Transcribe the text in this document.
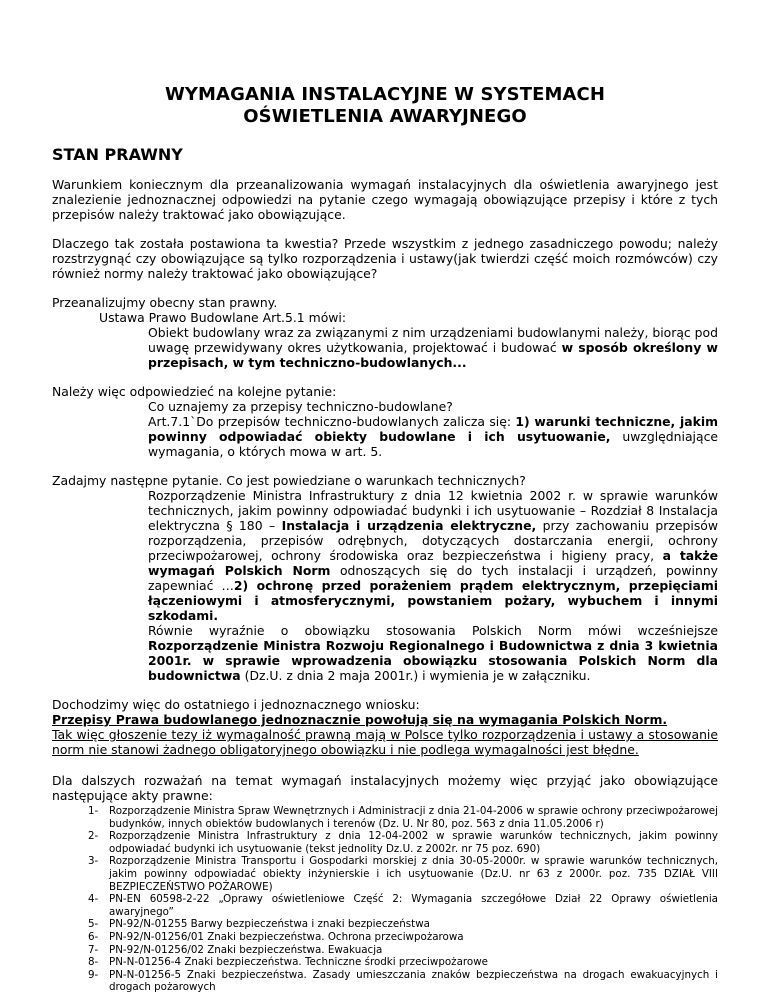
WYMAGANIA INSTALACYJNE W SYSTEMACH
OŚWIETLENIA AWARYJNEGO
STAN PRAWNY

Warunkiem koniecznym dla przeanalizowania wymagań instalacyjnych dla oświetlenia awaryjnego jest znalezienie jednoznacznej odpowiedzi na pytanie czego wymagają obowiązujące przepisy i które z tych przepisów należy traktować jako obowiązujące.

Dlaczego tak została postawiona ta kwestia? Przede wszystkim z jednego zasadniczego powodu; należy rozstrzygnąć czy obowiązujące są tylko rozporządzenia i ustawy(jak twierdzi część moich rozmówców) czy również normy należy traktować jako obowiązujące?

Przeanalizujmy obecny stan prawny.

Ustawa Prawo Budowlane Art.5.1 mówi:

Obiekt budowlany wraz za związanymi z nim urządzeniami budowlanymi należy, biorąc pod uwagę przewidywany okres użytkowania, projektować i budować w sposób określony w przepisach, w tym techniczno-budowlanych...

Należy więc odpowiedzieć na kolejne pytanie:

Co uznajemy za przepisy techniczno-budowlane?

Art.7.1`Do przepisów techniczno-budowlanych zalicza się: 1) warunki techniczne, jakim powinny odpowiadać obiekty budowlane i ich usytuowanie, uwzględniające wymagania, o których mowa w art. 5.

Zadajmy następne pytanie. Co jest powiedziane o warunkach technicznych?

Rozporządzenie Ministra Infrastruktury z dnia 12 kwietnia 2002 r. w sprawie warunków technicznych, jakim powinny odpowiadać budynki i ich usytuowanie – Rozdział 8 Instalacja elektryczna § 180 – Instalacja i urządzenia elektryczne, przy zachowaniu przepisów rozporządzenia, przepisów odrębnych, dotyczących dostarczania energii, ochrony przeciwpożarowej, ochrony środowiska oraz bezpieczeństwa i higieny pracy, a także wymagań Polskich Norm odnoszących się do tych instalacji i urządzeń, powinny zapewniać …2) ochronę przed porażeniem prądem elektrycznym, przepięciami łączeniowymi i atmosferycznymi, powstaniem pożary, wybuchem i innymi szkodami.

Równie wyraźnie o obowiązku stosowania Polskich Norm mówi wcześniejsze Rozporządzenie Ministra Rozwoju Regionalnego i Budownictwa z dnia 3 kwietnia 2001r. w sprawie wprowadzenia obowiązku stosowania Polskich Norm dla budownictwa (Dz.U. z dnia 2 maja 2001r.) i wymienia je w załączniku.

Dochodzimy więc do ostatniego i jednoznacznego wniosku:

Przepisy Prawa budowlanego jednoznacznie powołują się na wymagania Polskich Norm.

Tak więc głoszenie tezy iż wymagalność prawną mają w Polsce tylko rozporządzenia i ustawy a stosowanie norm nie stanowi żadnego obligatoryjnego obowiązku i nie podlega wymagalności jest błędne.

Dla dalszych rozważań na temat wymagań instalacyjnych możemy więc przyjąć jako obowiązujące następujące akty prawne:

1- Rozporządzenie Ministra Spraw Wewnętrznych i Administracji z dnia 21-04-2006 w sprawie ochrony przeciwpożarowej budynków, innych obiektów budowlanych i terenów (Dz. U. Nr 80, poz. 563 z dnia 11.05.2006 r)
2- Rozporządzenie Ministra Infrastruktury z dnia 12-04-2002 w sprawie warunków technicznych, jakim powinny odpowiadać budynki ich usytuowanie (tekst jednolity Dz.U. z 2002r. nr 75 poz. 690)
3- Rozporządzenie Ministra Transportu i Gospodarki morskiej z dnia 30-05-2000r. w sprawie warunków technicznych, jakim powinny odpowiadać obiekty inżynierskie i ich usytuowanie (Dz.U. nr 63 z 2000r. poz. 735 DZIAŁ VIII BEZPIECZEŃSTWO POŻAROWE)
4- PN-EN 60598-2-22 „Oprawy oświetleniowe Część 2: Wymagania szczegółowe Dział 22 Oprawy oświetlenia awaryjnego”
5- PN-92/N-01255 Barwy bezpieczeństwa i znaki bezpieczeństwa
6- PN-92/N-01256/01 Znaki bezpieczeństwa. Ochrona przeciwpożarowa
7- PN-92/N-01256/02 Znaki bezpieczeństwa. Ewakuacja
8- PN-N-01256-4 Znaki bezpieczeństwa. Techniczne środki przeciwpożarowe
9- PN-N-01256-5 Znaki bezpieczeństwa. Zasady umieszczania znaków bezpieczeństwa na drogach ewakuacyjnych i drogach pożarowych
